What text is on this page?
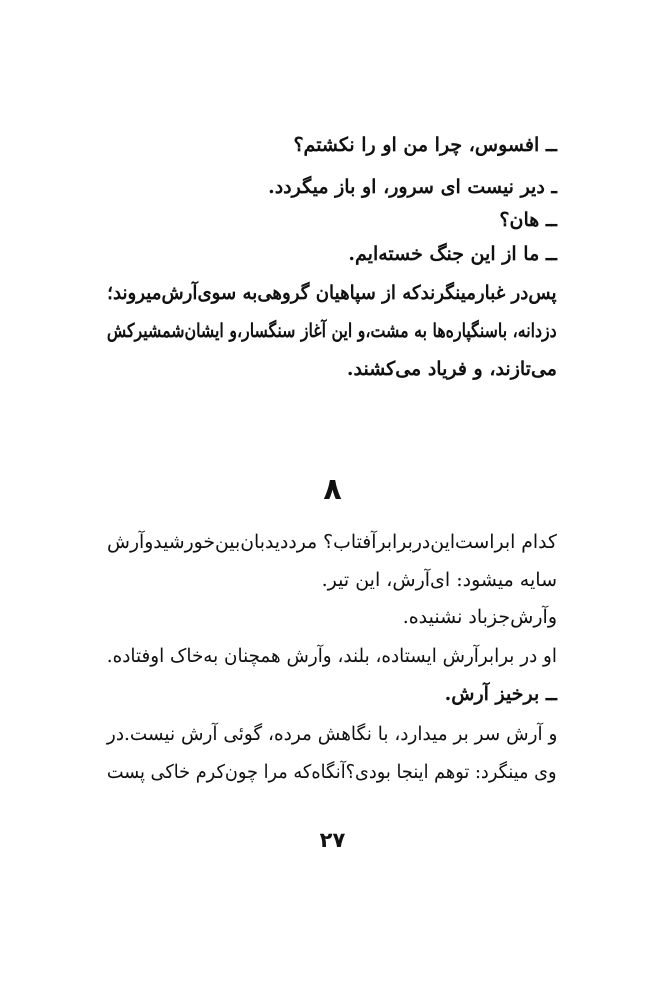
ــ افسوس، چرا من او را نکشتم؟
ـ دیر نیست ای سرور، او باز میگردد.
ــ هان؟
ــ ما از این جنگ خسته‌ایم.
پس‌در غبارمینگرندکه از سپاهیان گروهی‌به سوی‌آرش‌میروند؛
دزدانه، باسنگپاره‌ها به مشت،و این آغاز سنگسار،و ایشان‌شمشیرکش
می‌تازند، و فریاد می‌کشند.
۸
کدام ابراست‌این‌دربرابرآفتاب؟ مرددیدبان‌بین‌خورشیدوآرش
سایه میشود: ای‌آرش، این تیر.
وآرش‌جزباد نشنیده.
او در برابرآرش ایستاده، بلند، وآرش همچنان به‌خاک اوفتاده.
ــ برخیز آرش.
و آرش سر بر میدارد، با نگاهش مرده، گوئی آرش نیست.در
وی مینگرد: توهم اینجا بودی؟آنگاه‌که مرا چون‌کرم خاکی پست
۲۷
